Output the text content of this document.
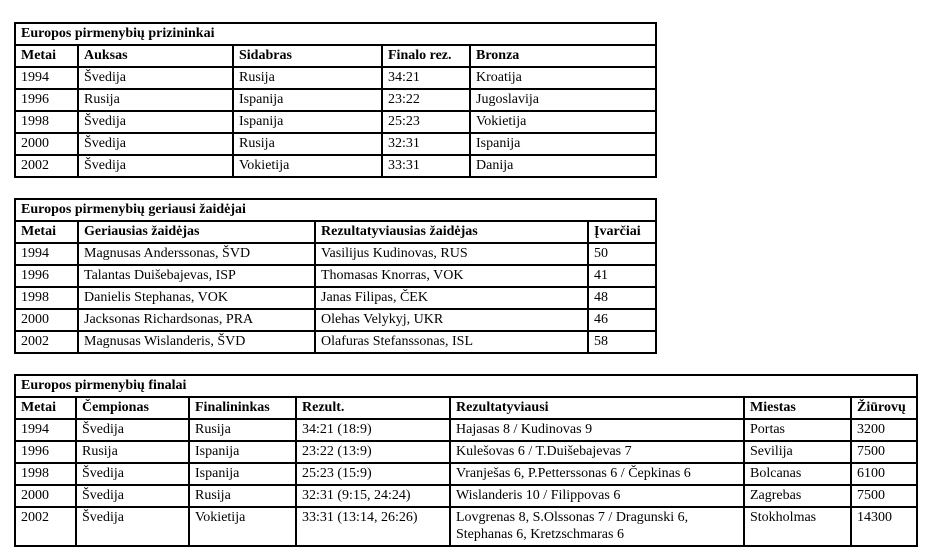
Europos pirmenybių prizininkai				
Metai	Auksas	Sidabras	Finalo rez.	Bronza
1994	Švedija	Rusija	34:21	Kroatija
1996	Rusija	Ispanija	23:22	Jugoslavija
1998	Švedija	Ispanija	25:23	Vokietija
2000	Švedija	Rusija	32:31	Ispanija
2002	Švedija	Vokietija	33:31	Danija
Europos pirmenybių geriausi žaidėjai			
Metai	Geriausias žaidėjas	Rezultatyviausias žaidėjas	Įvarčiai
1994	Magnusas Anderssonas, ŠVD	Vasilijus Kudinovas, RUS	50
1996	Talantas Duišebajevas, ISP	Thomasas Knorras, VOK	41
1998	Danielis Stephanas, VOK	Janas Filipas, ČEK	48
2000	Jacksonas Richardsonas, PRA	Olehas Velykyj, UKR	46
2002	Magnusas Wislanderis, ŠVD	Olafuras Stefanssonas, ISL	58
Europos pirmenybių finalai						
Metai	Čempionas	Finalininkas	Rezult.	Rezultatyviausi	Miestas	Žiūrovų
1994	Švedija	Rusija	34:21 (18:9)	Hajasas 8 / Kudinovas 9	Portas	3200
1996	Rusija	Ispanija	23:22 (13:9)	Kulešovas 6 / T.Duišebajevas 7	Sevilija	7500
1998	Švedija	Ispanija	25:23 (15:9)	Vranješas 6, P.Petterssonas 6 / Čepkinas 6	Bolcanas	6100
2000	Švedija	Rusija	32:31 (9:15, 24:24)	Wislanderis 10 / Filippovas 6	Zagrebas	7500
2002	Švedija	Vokietija	33:31 (13:14, 26:26)	Lovgrenas 8, S.Olssonas 7 / Dragunski 6, Stephanas 6, Kretzschmaras 6	Stokholmas	14300
